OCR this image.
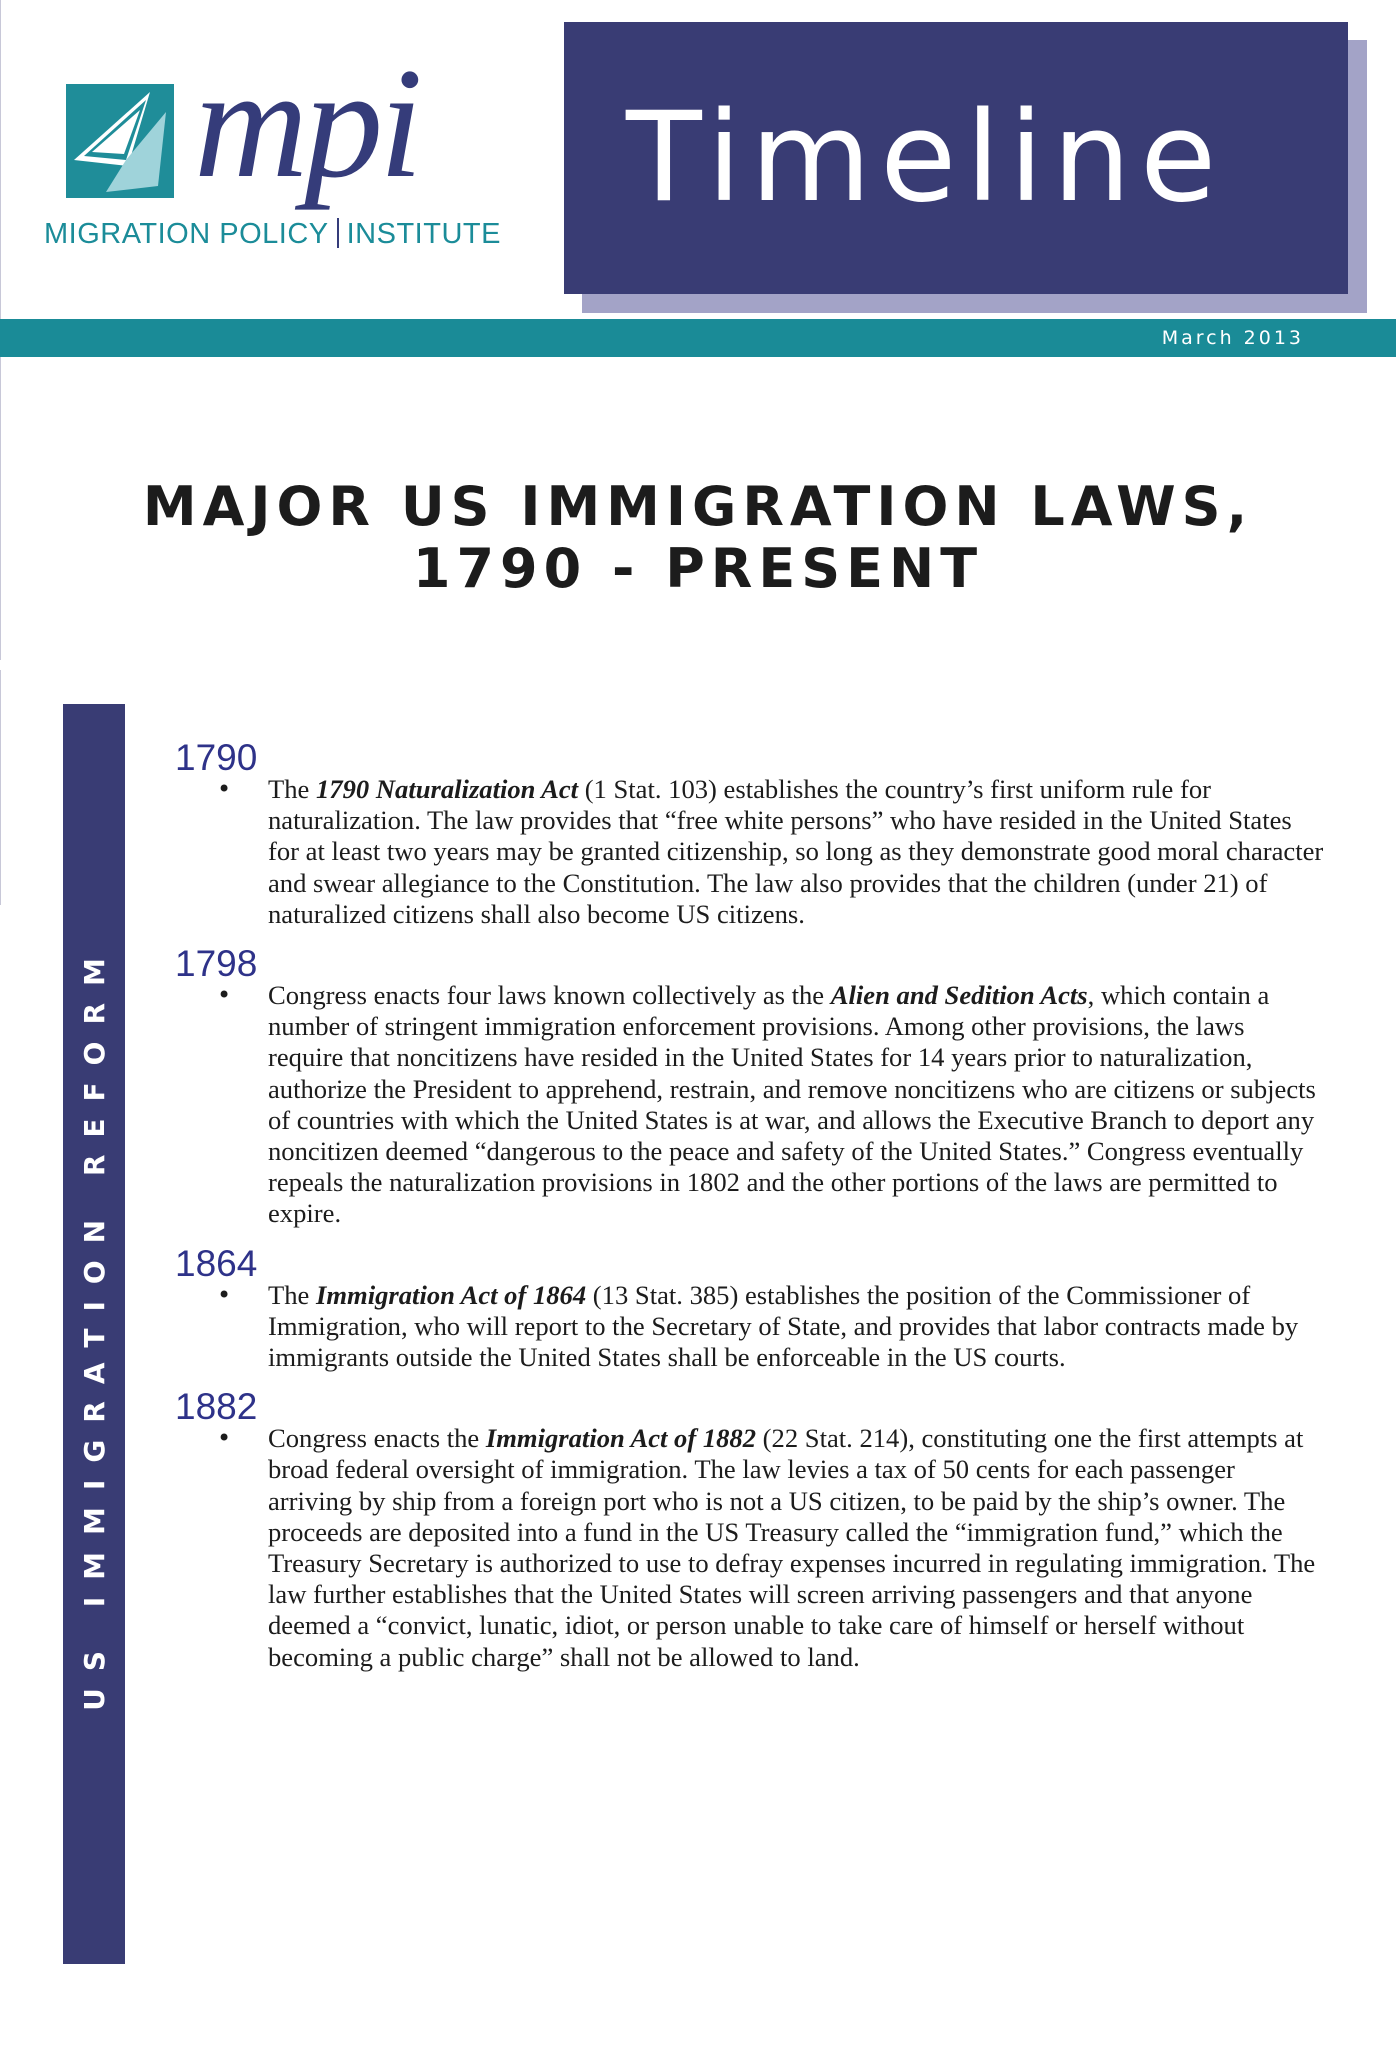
mpi
MIGRATION POLICY INSTITUTE
Timeline
March 2013
MAJOR US IMMIGRATION LAWS,
1790 - PRESENT
US IMMIGRATION REFORM
1790
• The 1790 Naturalization Act (1 Stat. 103) establishes the country’s first uniform rule for naturalization. The law provides that “free white persons” who have resided in the United States for at least two years may be granted citizenship, so long as they demonstrate good moral character and swear allegiance to the Constitution. The law also provides that the children (under 21) of naturalized citizens shall also become US citizens.
1798
• Congress enacts four laws known collectively as the Alien and Sedition Acts, which contain a number of stringent immigration enforcement provisions. Among other provisions, the laws require that noncitizens have resided in the United States for 14 years prior to naturalization, authorize the President to apprehend, restrain, and remove noncitizens who are citizens or subjects of countries with which the United States is at war, and allows the Executive Branch to deport any noncitizen deemed “dangerous to the peace and safety of the United States.” Congress eventually repeals the naturalization provisions in 1802 and the other portions of the laws are permitted to expire.
1864
• The Immigration Act of 1864 (13 Stat. 385) establishes the position of the Commissioner of Immigration, who will report to the Secretary of State, and provides that labor contracts made by immigrants outside the United States shall be enforceable in the US courts.
1882
• Congress enacts the Immigration Act of 1882 (22 Stat. 214), constituting one the first attempts at broad federal oversight of immigration. The law levies a tax of 50 cents for each passenger arriving by ship from a foreign port who is not a US citizen, to be paid by the ship’s owner. The proceeds are deposited into a fund in the US Treasury called the “immigration fund,” which the Treasury Secretary is authorized to use to defray expenses incurred in regulating immigration. The law further establishes that the United States will screen arriving passengers and that anyone deemed a “convict, lunatic, idiot, or person unable to take care of himself or herself without becoming a public charge” shall not be allowed to land.
